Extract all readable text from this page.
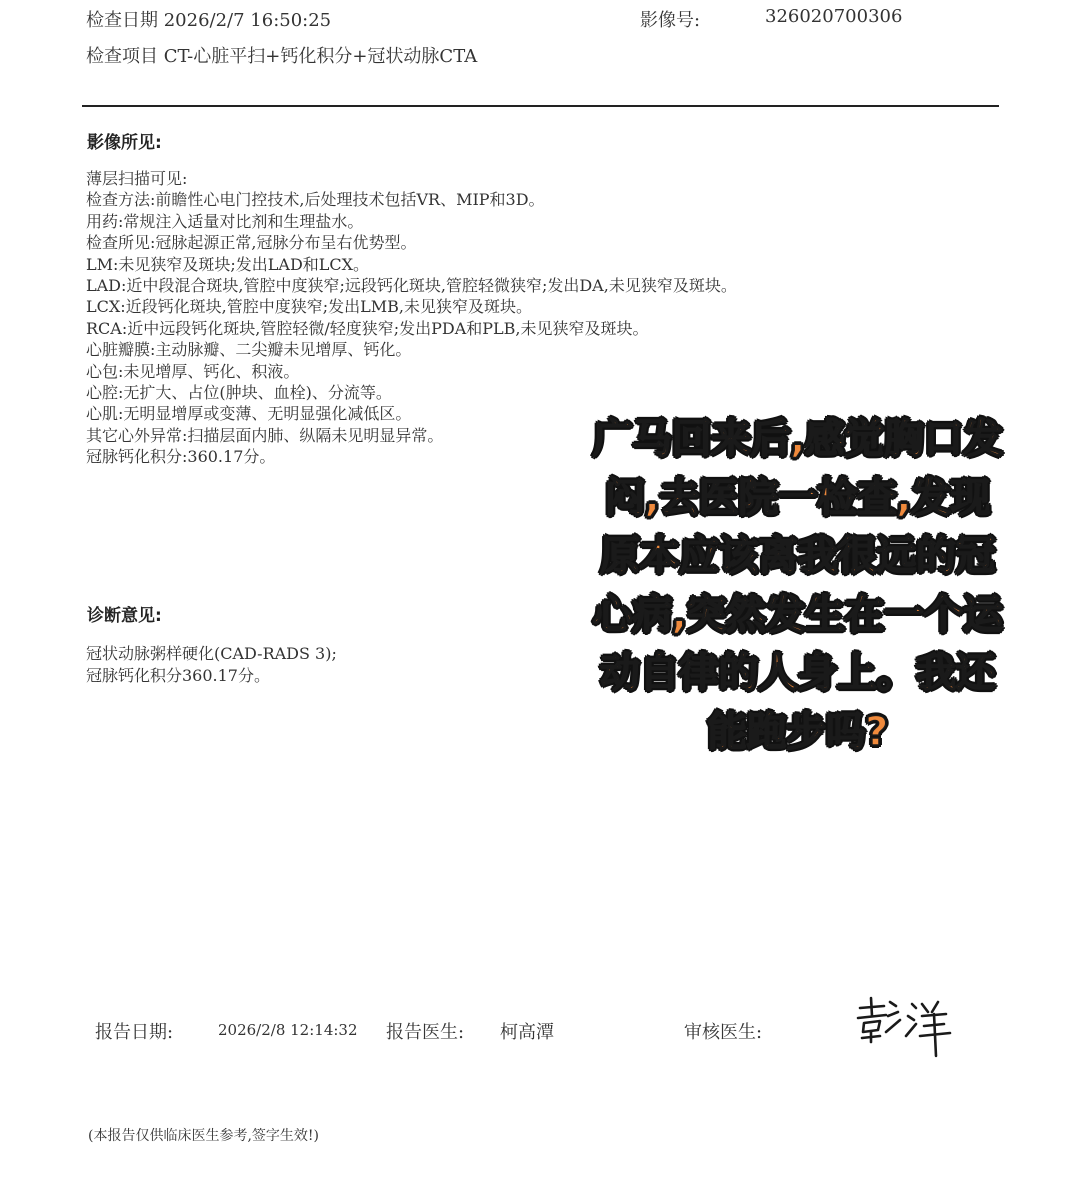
检查日期 2026/2/7 16:50:25	影像号:	326020700306
检查项目 CT-心脏平扫+钙化积分+冠状动脉CTA
影像所见:
薄层扫描可见:
检查方法:前瞻性心电门控技术,后处理技术包括VR、MIP和3D。
用药:常规注入适量对比剂和生理盐水。
检查所见:冠脉起源正常,冠脉分布呈右优势型。
LM:未见狭窄及斑块;发出LAD和LCX。
LAD:近中段混合斑块,管腔中度狭窄;远段钙化斑块,管腔轻微狭窄;发出DA,未见狭窄及斑块。
LCX:近段钙化斑块,管腔中度狭窄;发出LMB,未见狭窄及斑块。
RCA:近中远段钙化斑块,管腔轻微/轻度狭窄;发出PDA和PLB,未见狭窄及斑块。
心脏瓣膜:主动脉瓣、二尖瓣未见增厚、钙化。
心包:未见增厚、钙化、积液。
心腔:无扩大、占位(肿块、血栓)、分流等。
心肌:无明显增厚或变薄、无明显强化减低区。
其它心外异常:扫描层面内肺、纵隔未见明显异常。
冠脉钙化积分:360.17分。
诊断意见:
冠状动脉粥样硬化(CAD-RADS 3);
冠脉钙化积分360.17分。
报告日期:	2026/2/8 12:14:32 报告医生: 柯高潭	审核医生:
(本报告仅供临床医生参考,签字生效!)
广马回来后,感觉胸口发闷,去医院一检查,发现原本应该离我很远的冠心病,突然发生在一个运动自律的人身上。我还能跑步吗?
